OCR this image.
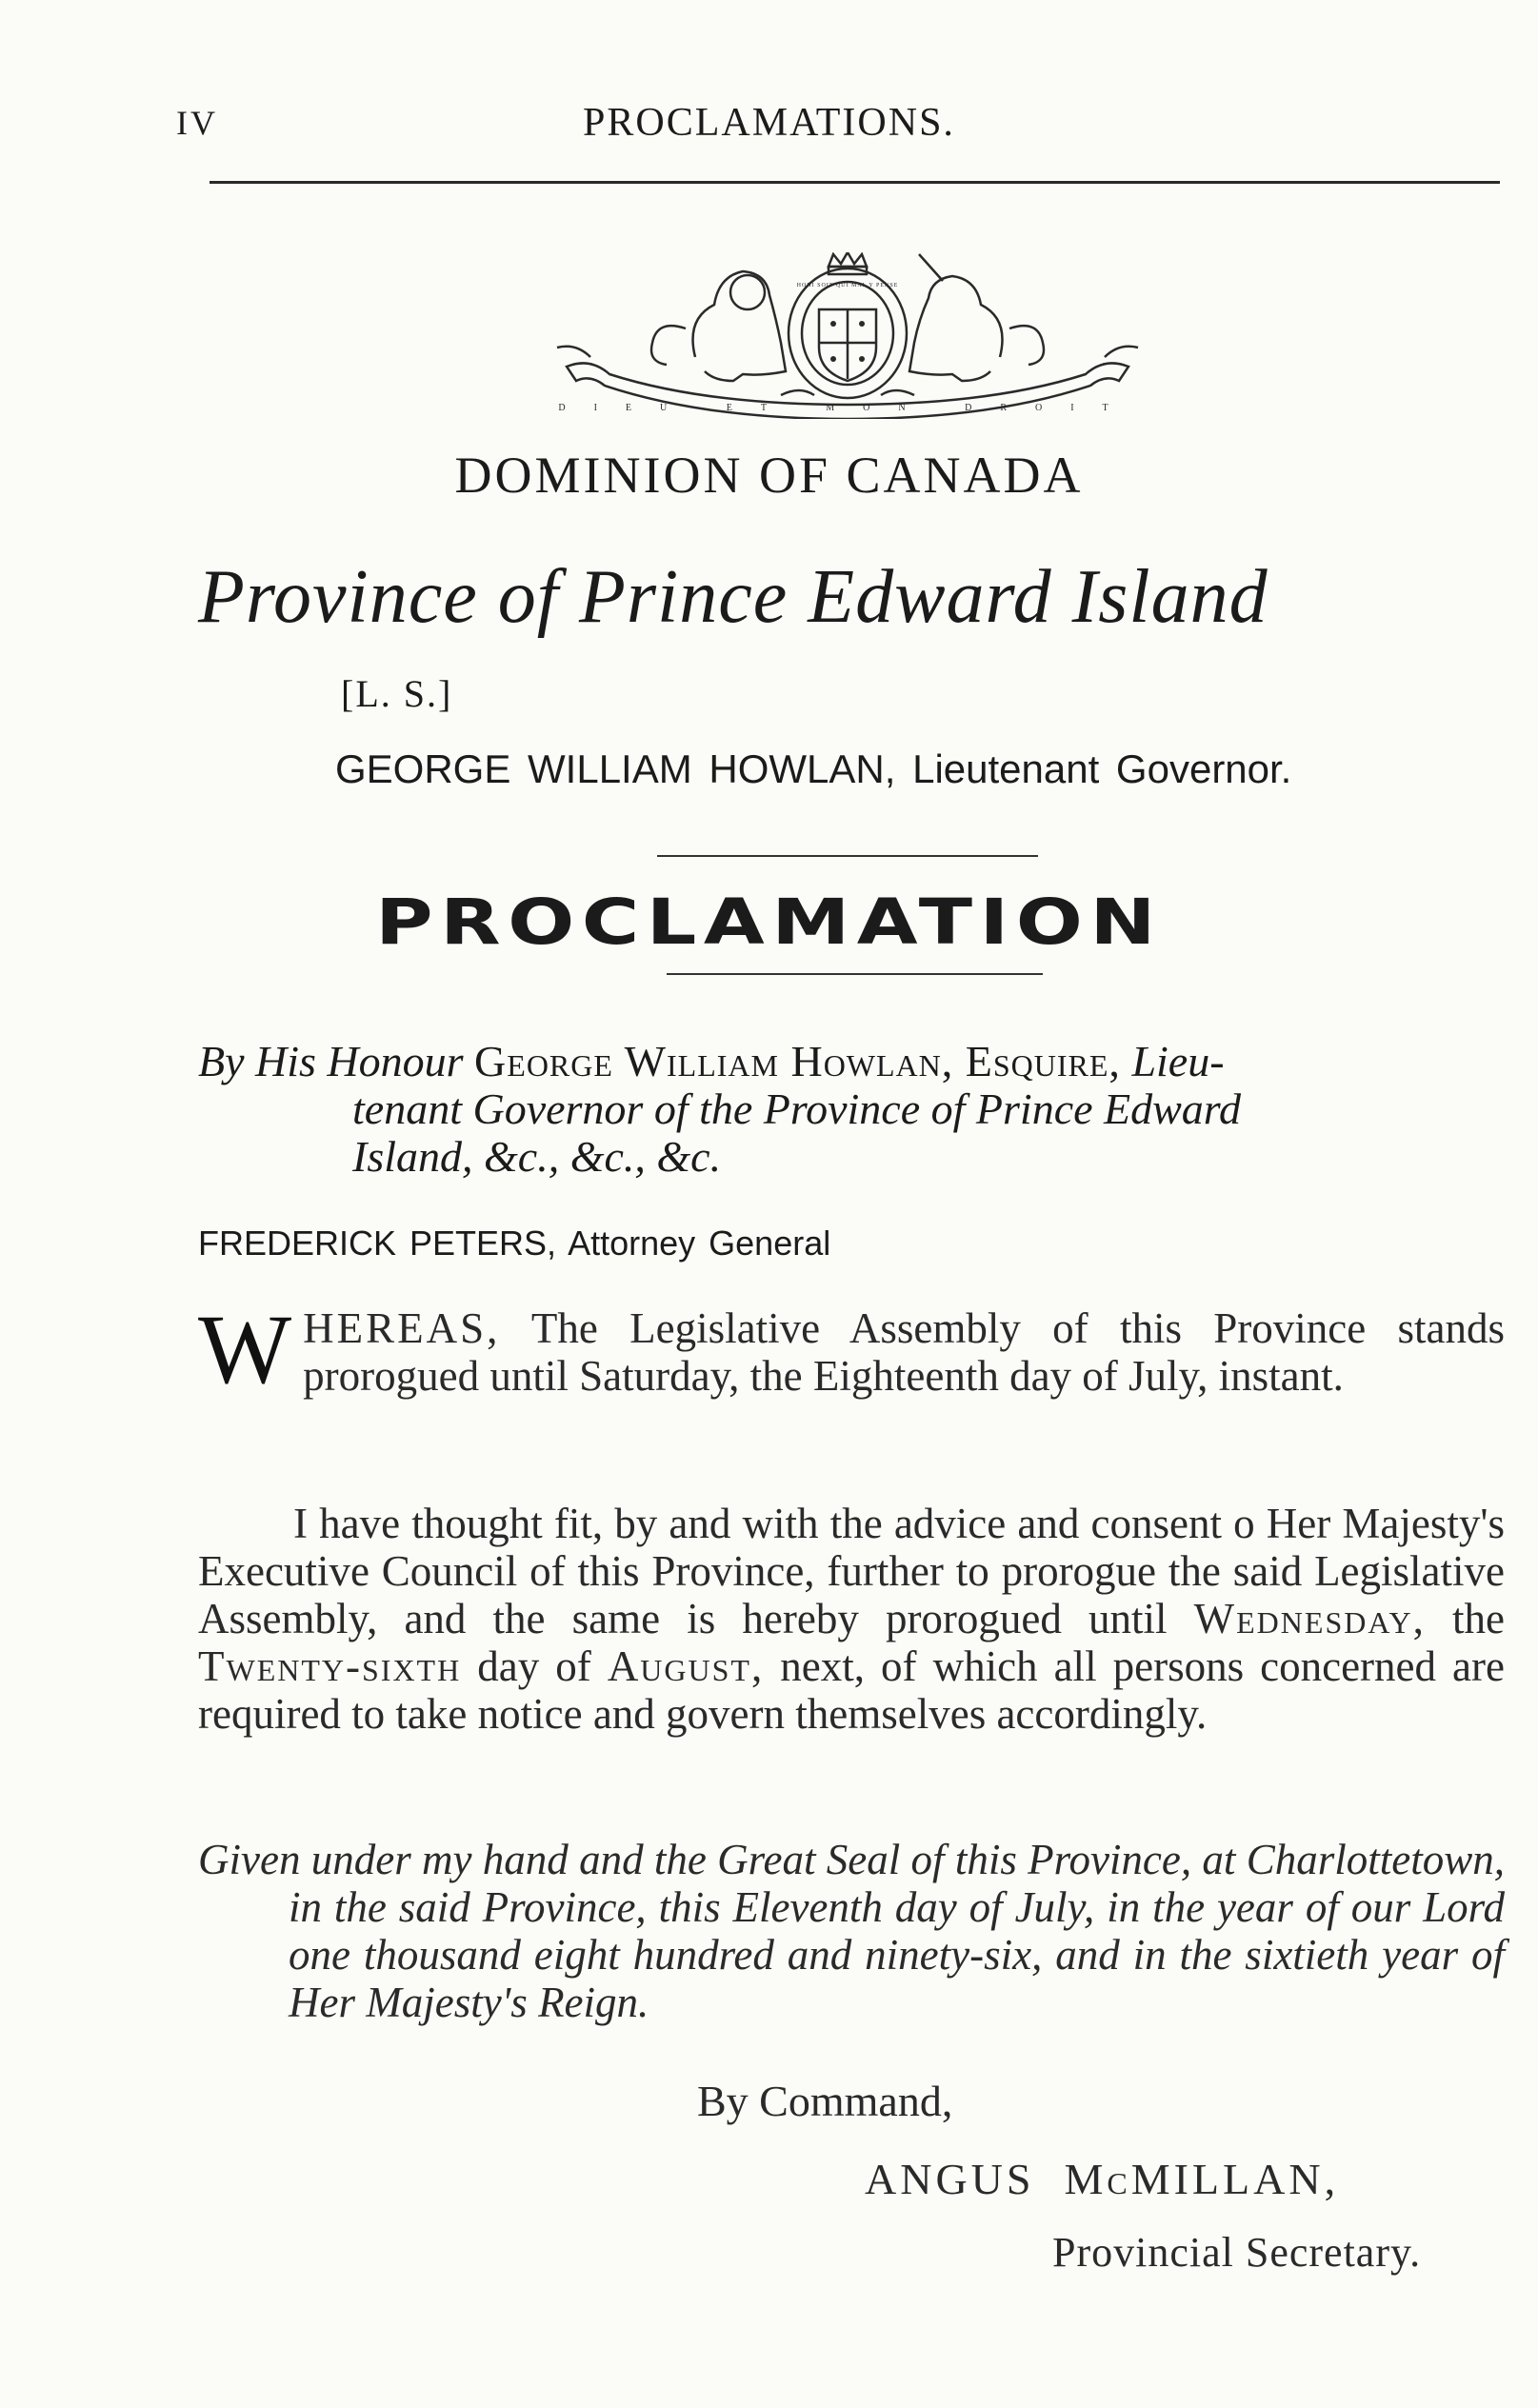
IV	PROCLAMATIONS.
DIEU ET MON DROIT
HONI SOIT QUI MAL Y PENSE
DOMINION OF CANADA
Province of Prince Edward Island
[L. S.]
GEORGE WILLIAM HOWLAN, Lieutenant Governor.
PROCLAMATION
By His Honour George William Howlan, Esquire, Lieu-
tenant Governor of the Province of Prince Edward
Island, &c., &c., &c.
FREDERICK PETERS, Attorney General
WHEREAS, The Legislative Assembly of this Province stands prorogued until Saturday, the Eighteenth day of July, instant.
I have thought fit, by and with the advice and consent o Her Majesty's Executive Council of this Province, further to prorogue the said Legislative Assembly, and the same is hereby prorogued until Wednesday, the Twenty-sixth day of August, next, of which all persons concerned are required to take notice and govern themselves accordingly.
Given under my hand and the Great Seal of this Province, at Charlottetown, in the said Province, this Eleventh day of July, in the year of our Lord one thousand eight hundred and ninety-six, and in the sixtieth year of Her Majesty's Reign.
By Command,
ANGUS McMILLAN,
Provincial Secretary.
